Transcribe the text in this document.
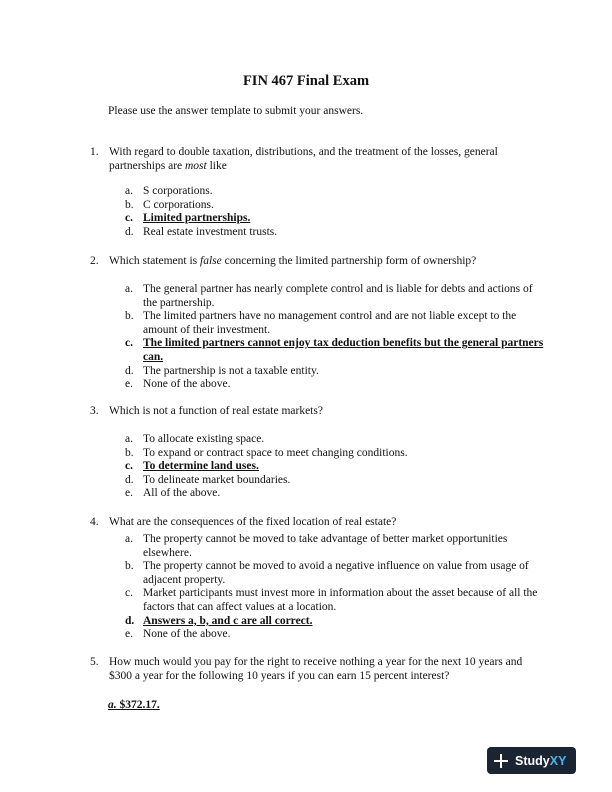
FIN 467 Final Exam
Please use the answer template to submit your answers.
1. With regard to double taxation, distributions, and the treatment of the losses, general partnerships are most like
a. S corporations.
b. C corporations.
c. Limited partnerships.
d. Real estate investment trusts.
2. Which statement is false concerning the limited partnership form of ownership?
a. The general partner has nearly complete control and is liable for debts and actions of the partnership.
b. The limited partners have no management control and are not liable except to the amount of their investment.
c. The limited partners cannot enjoy tax deduction benefits but the general partners can.
d. The partnership is not a taxable entity.
e. None of the above.
3. Which is not a function of real estate markets?
a. To allocate existing space.
b. To expand or contract space to meet changing conditions.
c. To determine land uses.
d. To delineate market boundaries.
e. All of the above.
4. What are the consequences of the fixed location of real estate?
a. The property cannot be moved to take advantage of better market opportunities elsewhere.
b. The property cannot be moved to avoid a negative influence on value from usage of adjacent property.
c. Market participants must invest more in information about the asset because of all the factors that can affect values at a location.
d. Answers a, b, and c are all correct.
e. None of the above.
5. How much would you pay for the right to receive nothing a year for the next 10 years and $300 a year for the following 10 years if you can earn 15 percent interest?
a. $372.17.
Study XY
